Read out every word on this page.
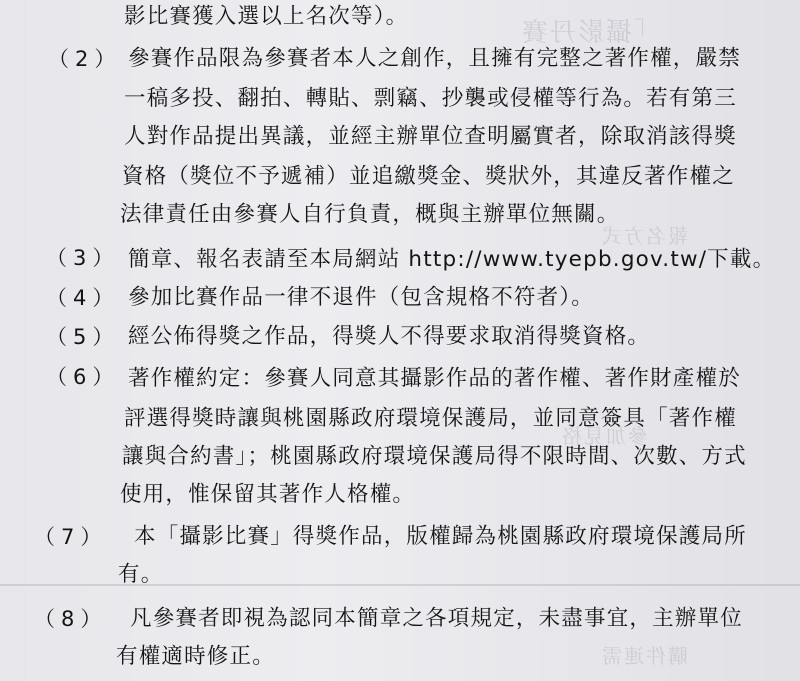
「攝影丹賽
報名方式
參加見格
購件連需
影比賽獲入選以上名次等）。
（2） 參賽作品限為參賽者本人之創作，且擁有完整之著作權，嚴禁
一稿多投、翻拍、轉貼、剽竊、抄襲或侵權等行為。若有第三
人對作品提出異議，並經主辦單位查明屬實者，除取消該得獎
資格（獎位不予遞補）並追繳獎金、獎狀外，其違反著作權之
法律責任由參賽人自行負責，概與主辦單位無關。
（3） 簡章、報名表請至本局網站 http://www.tyepb.gov.tw/下載。
（4） 參加比賽作品一律不退件（包含規格不符者）。
（5） 經公佈得獎之作品，得獎人不得要求取消得獎資格。
（6） 著作權約定：參賽人同意其攝影作品的著作權、著作財產權於
評選得獎時讓與桃園縣政府環境保護局，並同意簽具「著作權
讓與合約書」；桃園縣政府環境保護局得不限時間、次數、方式
使用，惟保留其著作人格權。
（7） 本「攝影比賽」得獎作品，版權歸為桃園縣政府環境保護局所
有。
（8） 凡參賽者即視為認同本簡章之各項規定，未盡事宜，主辦單位
有權適時修正。
